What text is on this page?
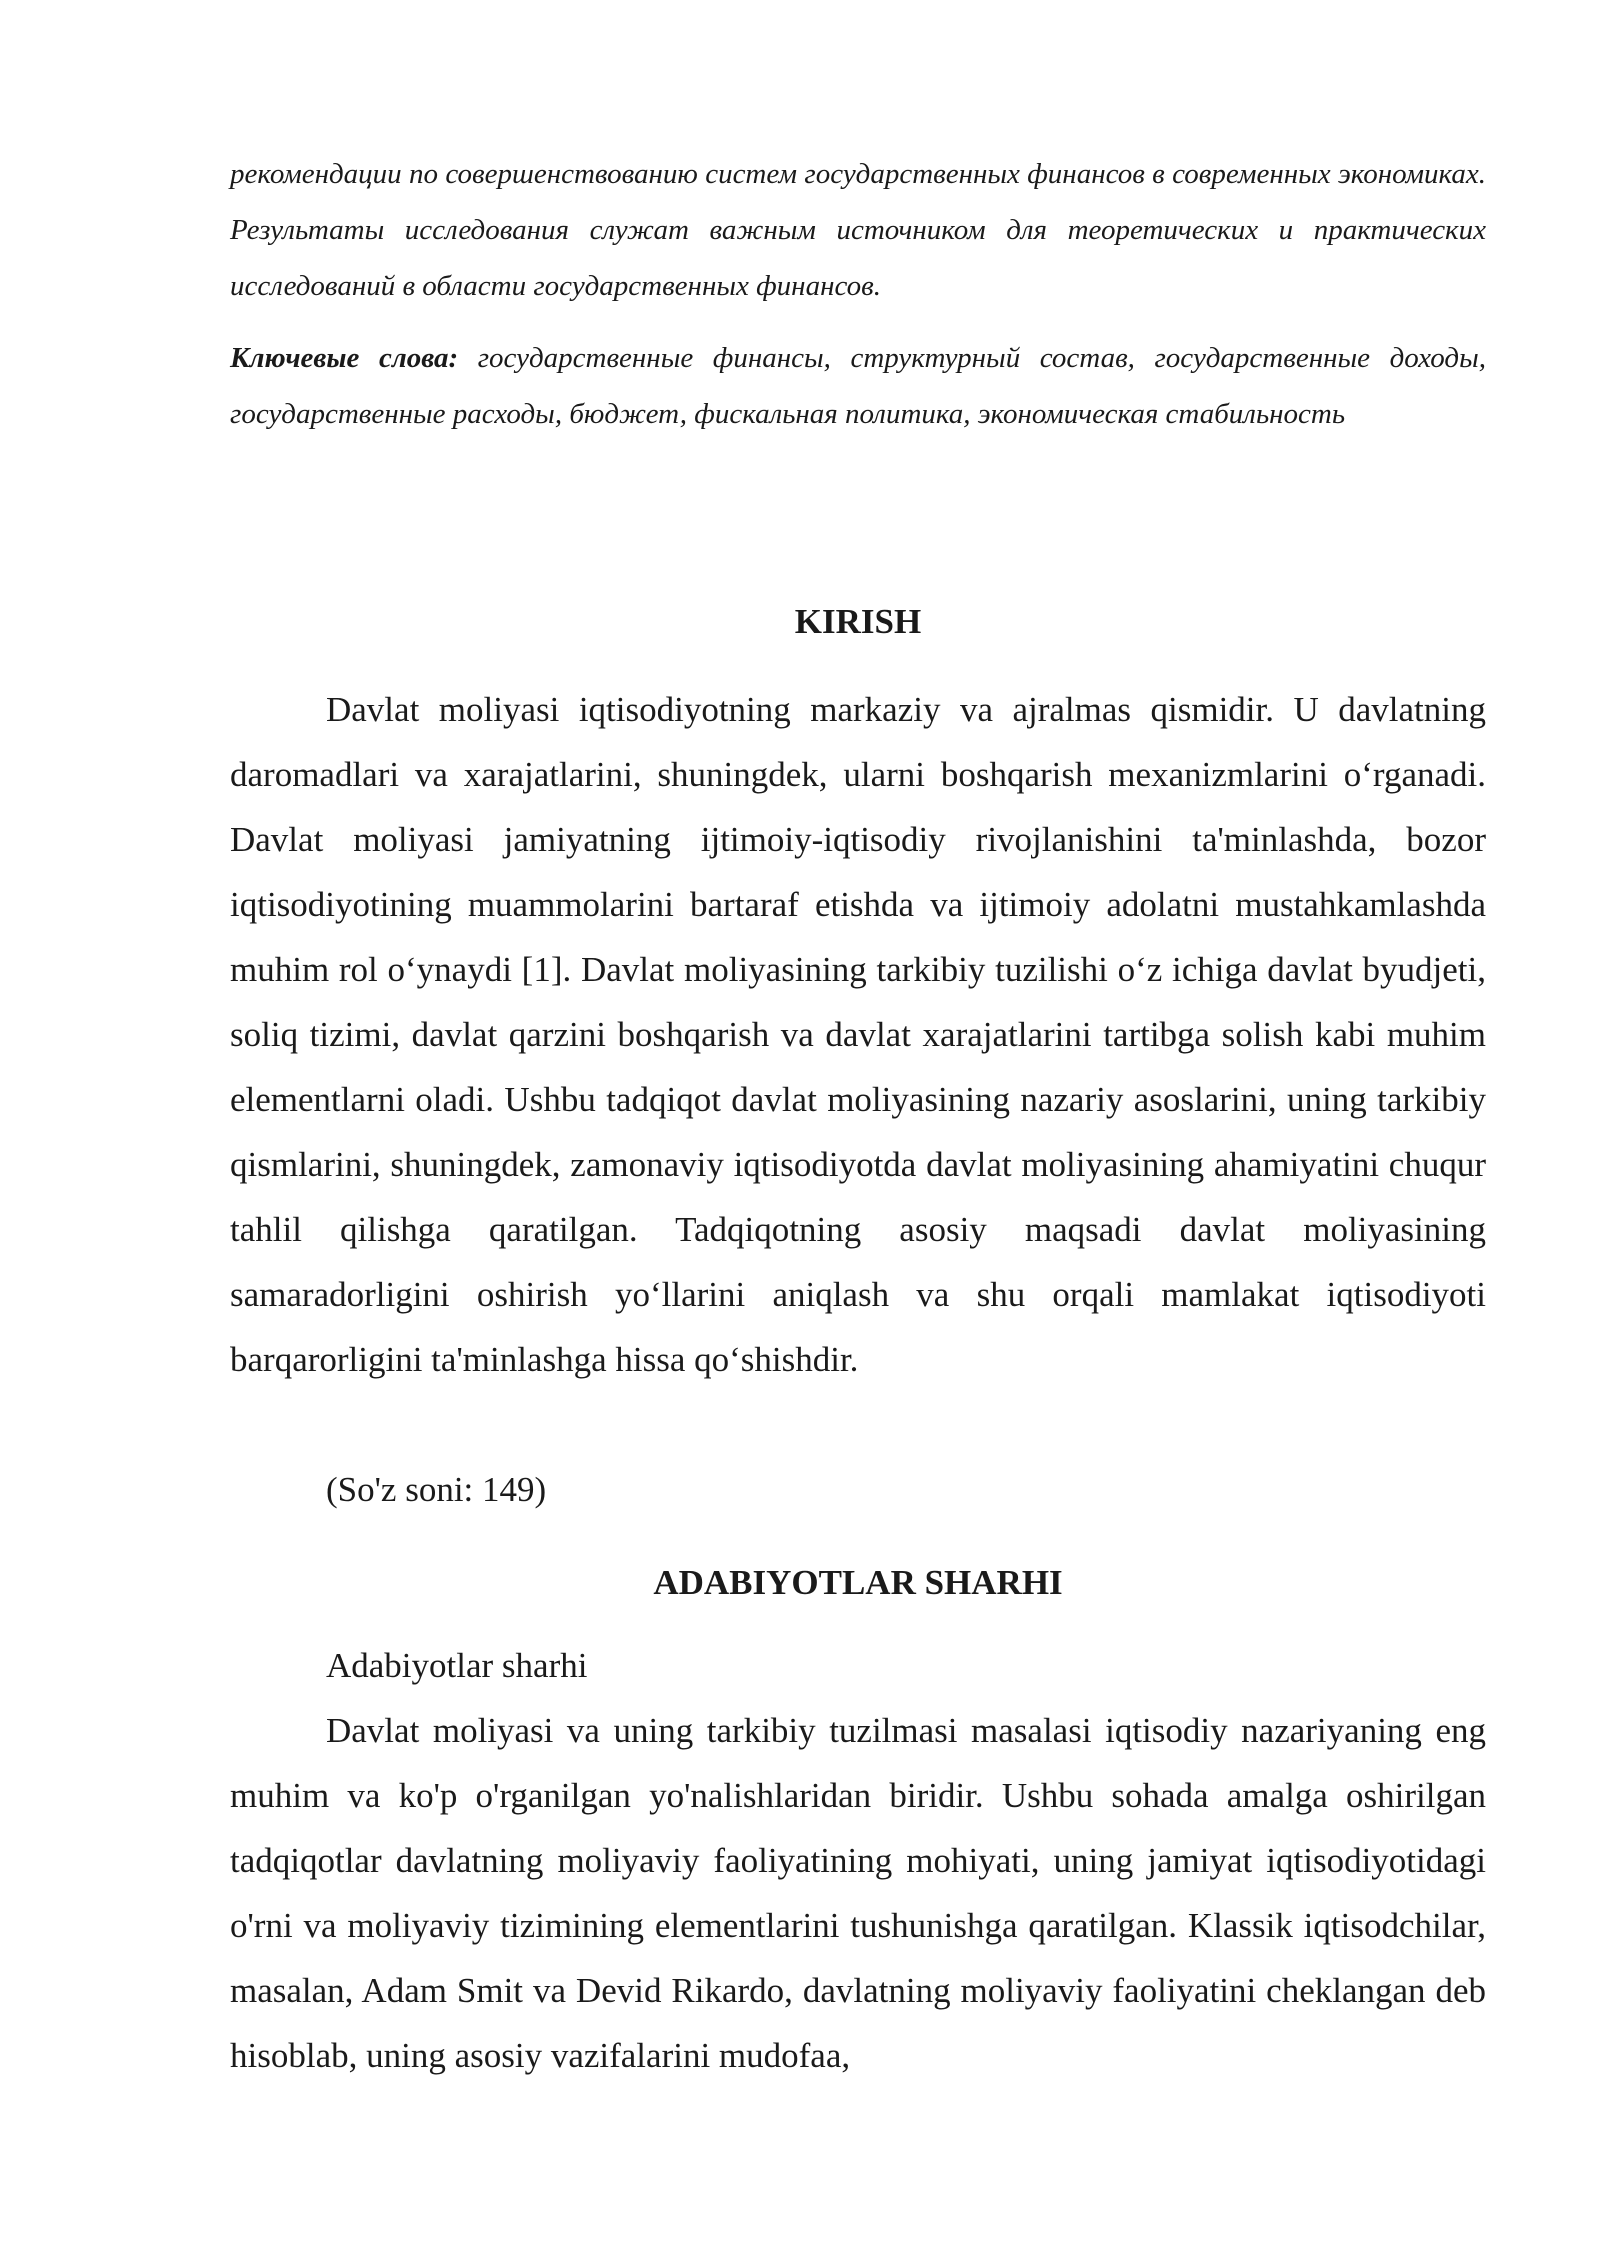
рекомендации по совершенствованию систем государственных финансов в современных экономиках. Результаты исследования служат важным источником для теоретических и практических исследований в области государственных финансов.

Ключевые слова: государственные финансы, структурный состав, государственные доходы, государственные расходы, бюджет, фискальная политика, экономическая стабильность

KIRISH

Davlat moliyasi iqtisodiyotning markaziy va ajralmas qismidir. U davlatning daromadlari va xarajatlarini, shuningdek, ularni boshqarish mexanizmlarini oʻrganadi. Davlat moliyasi jamiyatning ijtimoiy-iqtisodiy rivojlanishini ta'minlashda, bozor iqtisodiyotining muammolarini bartaraf etishda va ijtimoiy adolatni mustahkamlashda muhim rol oʻynaydi [1]. Davlat moliyasining tarkibiy tuzilishi oʻz ichiga davlat byudjeti, soliq tizimi, davlat qarzini boshqarish va davlat xarajatlarini tartibga solish kabi muhim elementlarni oladi. Ushbu tadqiqot davlat moliyasining nazariy asoslarini, uning tarkibiy qismlarini, shuningdek, zamonaviy iqtisodiyotda davlat moliyasining ahamiyatini chuqur tahlil qilishga qaratilgan. Tadqiqotning asosiy maqsadi davlat moliyasining samaradorligini oshirish yoʻllarini aniqlash va shu orqali mamlakat iqtisodiyoti barqarorligini ta'minlashga hissa qoʻshishdir.

(So'z soni: 149)

ADABIYOTLAR SHARHI

Adabiyotlar sharhi

Davlat moliyasi va uning tarkibiy tuzilmasi masalasi iqtisodiy nazariyaning eng muhim va ko'p o'rganilgan yo'nalishlaridan biridir. Ushbu sohada amalga oshirilgan tadqiqotlar davlatning moliyaviy faoliyatining mohiyati, uning jamiyat iqtisodiyotidagi o'rni va moliyaviy tizimining elementlarini tushunishga qaratilgan. Klassik iqtisodchilar, masalan, Adam Smit va Devid Rikardo, davlatning moliyaviy faoliyatini cheklangan deb hisoblab, uning asosiy vazifalarini mudofaa,
